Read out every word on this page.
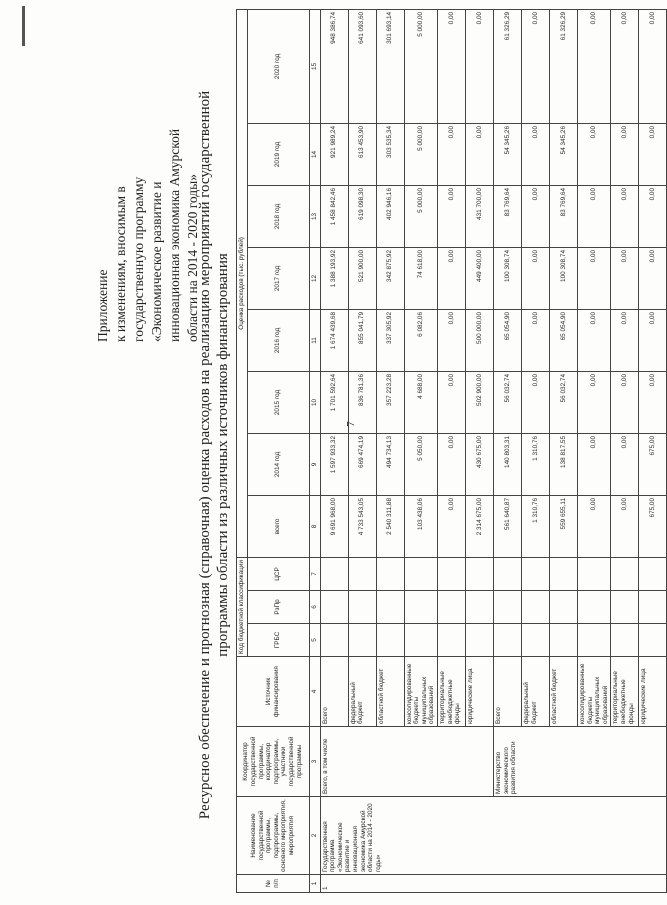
7
Приложение к изменениям, вносимым в государственную программу «Экономическое развитие и инновационная экономика Амурской области на 2014 - 2020 годы»
Ресурсное обеспечение и прогнозная (справочная) оценка расходов на реализацию мероприятий государственной программы области из различных источников финансирования
№ п/п	Наименование государственной программы, подпрограммы, основного мероприятия, мероприятия	Координатор государственной программы, координатор подпрограммы, участники государственной программы	Источник финансирования	Код бюджетной классификации			Оценка расходов (тыс. рублей)							
				ГРБС	РзПр	ЦСР	всего	2014 год	2015 год	2016 год	2017 год	2018 год	2019 год	2020 год
1	2	3	4	5	6	7	8	9	10	11	12	13	14	15
1	Государственная программа «Экономическое развитие и инновационная экономика Амурской области на 2014 - 2020 годы»	Всего, в том числе	Всего				9 691 968,00	1 597 933,32	1 701 592,64	1 674 439,68	1 388 193,92	1 458 842,46	921 989,24	948 386,74
			федеральный бюджет				4 733 543,05	669 474,19	836 781,36	855 041,79	521 900,00	619 098,30	613 453,90	641 093,60
			областной бюджет				2 540 311,88	494 734,13	357 223,28	337 305,92	342 875,92	402 946,16	303 535,34	301 693,14
			консолидированные бюджеты муниципальных образований				103 438,06	5 050,00	4 688,00	6 082,06	74 618,00	5 000,00	5 000,00	5 000,00
			территориальные внебюджетные фонды				0,00	0,00	0,00	0,00	0,00	0,00	0,00	0,00
			юридические лица				2 314 675,00	430 675,00	502 900,00	500 000,00	449 400,00	431 700,00	0,00	0,00
		Министерство экономического развития области	Всего				561 640,87	140 803,31	56 032,74	65 054,90	100 308,74	83 769,64	54 345,26	61 326,29
			федеральный бюджет				1 310,76	1 310,76	0,00	0,00	0,00	0,00	0,00	0,00
			областной бюджет				559 655,11	138 817,55	56 032,74	65 054,90	100 308,74	83 769,64	54 345,26	61 326,29
			консолидированные бюджеты муниципальных образований				0,00	0,00	0,00	0,00	0,00	0,00	0,00	0,00
			территориальные внебюджетные фонды				0,00	0,00	0,00	0,00	0,00	0,00	0,00	0,00
			юридические лица				675,00	675,00	0,00	0,00	0,00	0,00	0,00	0,00
